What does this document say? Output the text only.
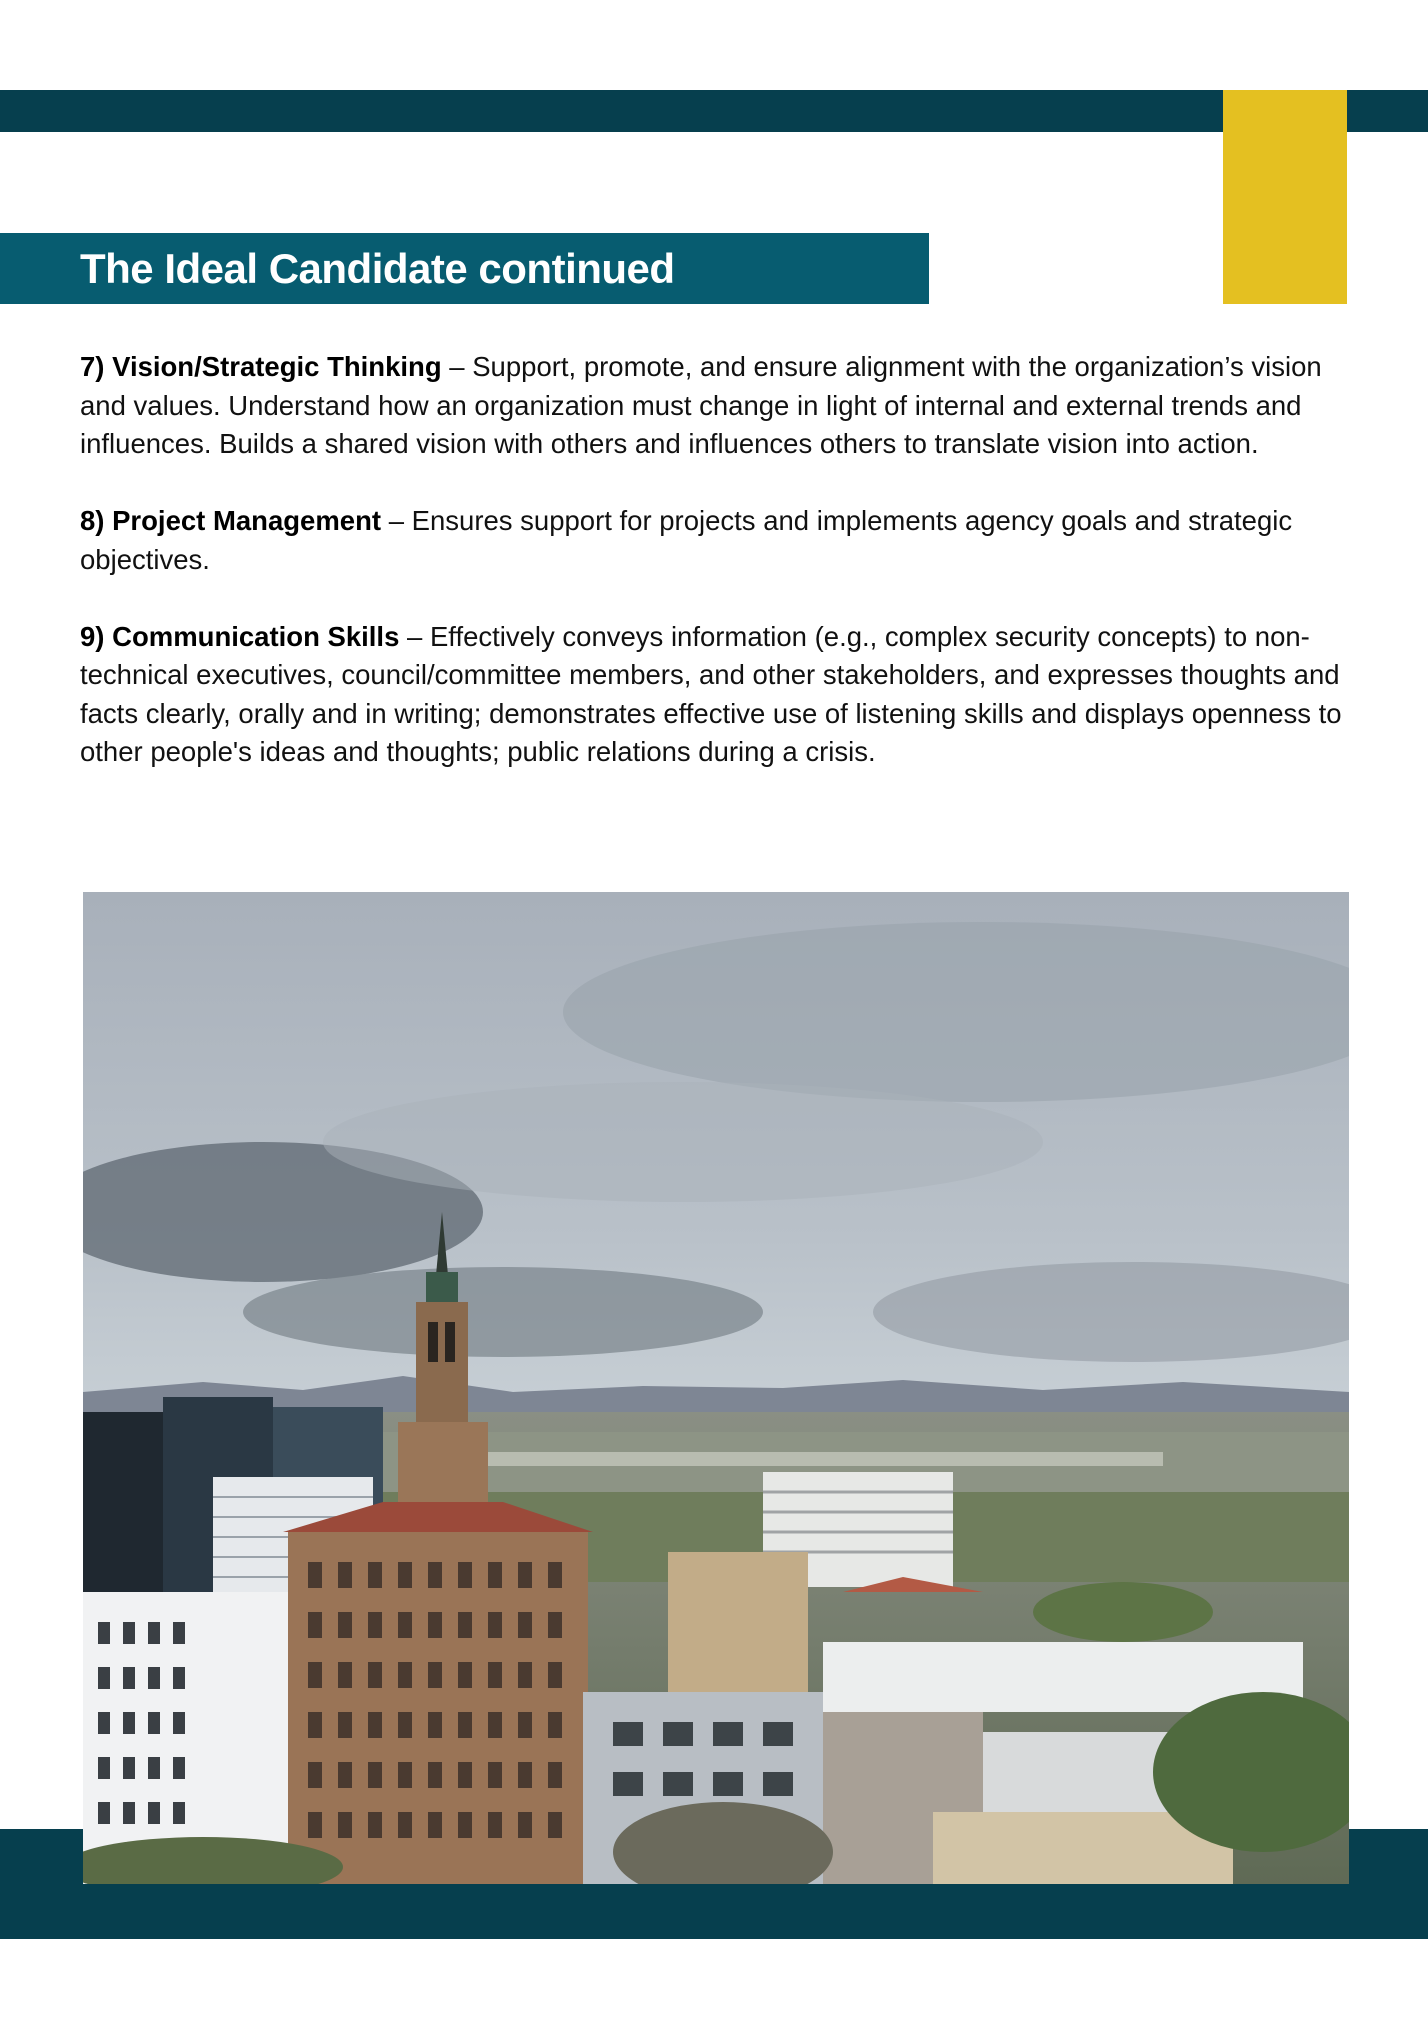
The Ideal Candidate continued

7) Vision/Strategic Thinking – Support, promote, and ensure alignment with the organization’s vision and values. Understand how an organization must change in light of internal and external trends and influences. Builds a shared vision with others and influences others to translate vision into action.

8) Project Management – Ensures support for projects and implements agency goals and strategic objectives.

9) Communication Skills – Effectively conveys information (e.g., complex security concepts) to non-technical executives, council/committee members, and other stakeholders, and expresses thoughts and facts clearly, orally and in writing; demonstrates effective use of listening skills and displays openness to other people's ideas and thoughts; public relations during a crisis.
